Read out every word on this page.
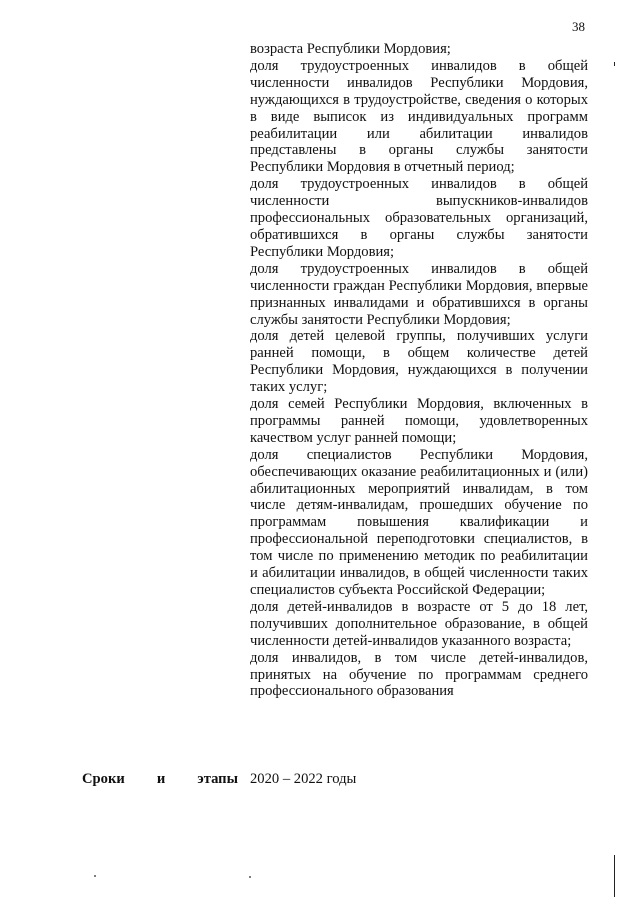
38

возраста Республики Мордовия;

доля трудоустроенных инвалидов в общей численности инвалидов Республики Мордовия, нуждающихся в трудоустройстве, сведения о которых в виде выписок из индивидуальных программ реабилитации или абилитации инвалидов представлены в органы службы занятости Республики Мордовия в отчетный период;

доля трудоустроенных инвалидов в общей численности выпускников-инвалидов профессиональных образовательных организаций, обратившихся в органы службы занятости Республики Мордовия;

доля трудоустроенных инвалидов в общей численности граждан Республики Мордовия, впервые признанных инвалидами и обратившихся в органы службы занятости Республики Мордовия;

доля детей целевой группы, получивших услуги ранней помощи, в общем количестве детей Республики Мордовия, нуждающихся в получении таких услуг;

доля семей Республики Мордовия, включенных в программы ранней помощи, удовлетворенных качеством услуг ранней помощи;

доля специалистов Республики Мордовия, обеспечивающих оказание реабилитационных и (или) абилитационных мероприятий инвалидам, в том числе детям-инвалидам, прошедших обучение по программам повышения квалификации и профессиональной переподготовки специалистов, в том числе по применению методик по реабилитации и абилитации инвалидов, в общей численности таких специалистов субъекта Российской Федерации;

доля детей-инвалидов в возрасте от 5 до 18 лет, получивших дополнительное образование, в общей численности детей-инвалидов указанного возраста;

доля инвалидов, в том числе детей-инвалидов, принятых на обучение по программам среднего профессионального образования

Сроки и этапы 2020 – 2022 годы
